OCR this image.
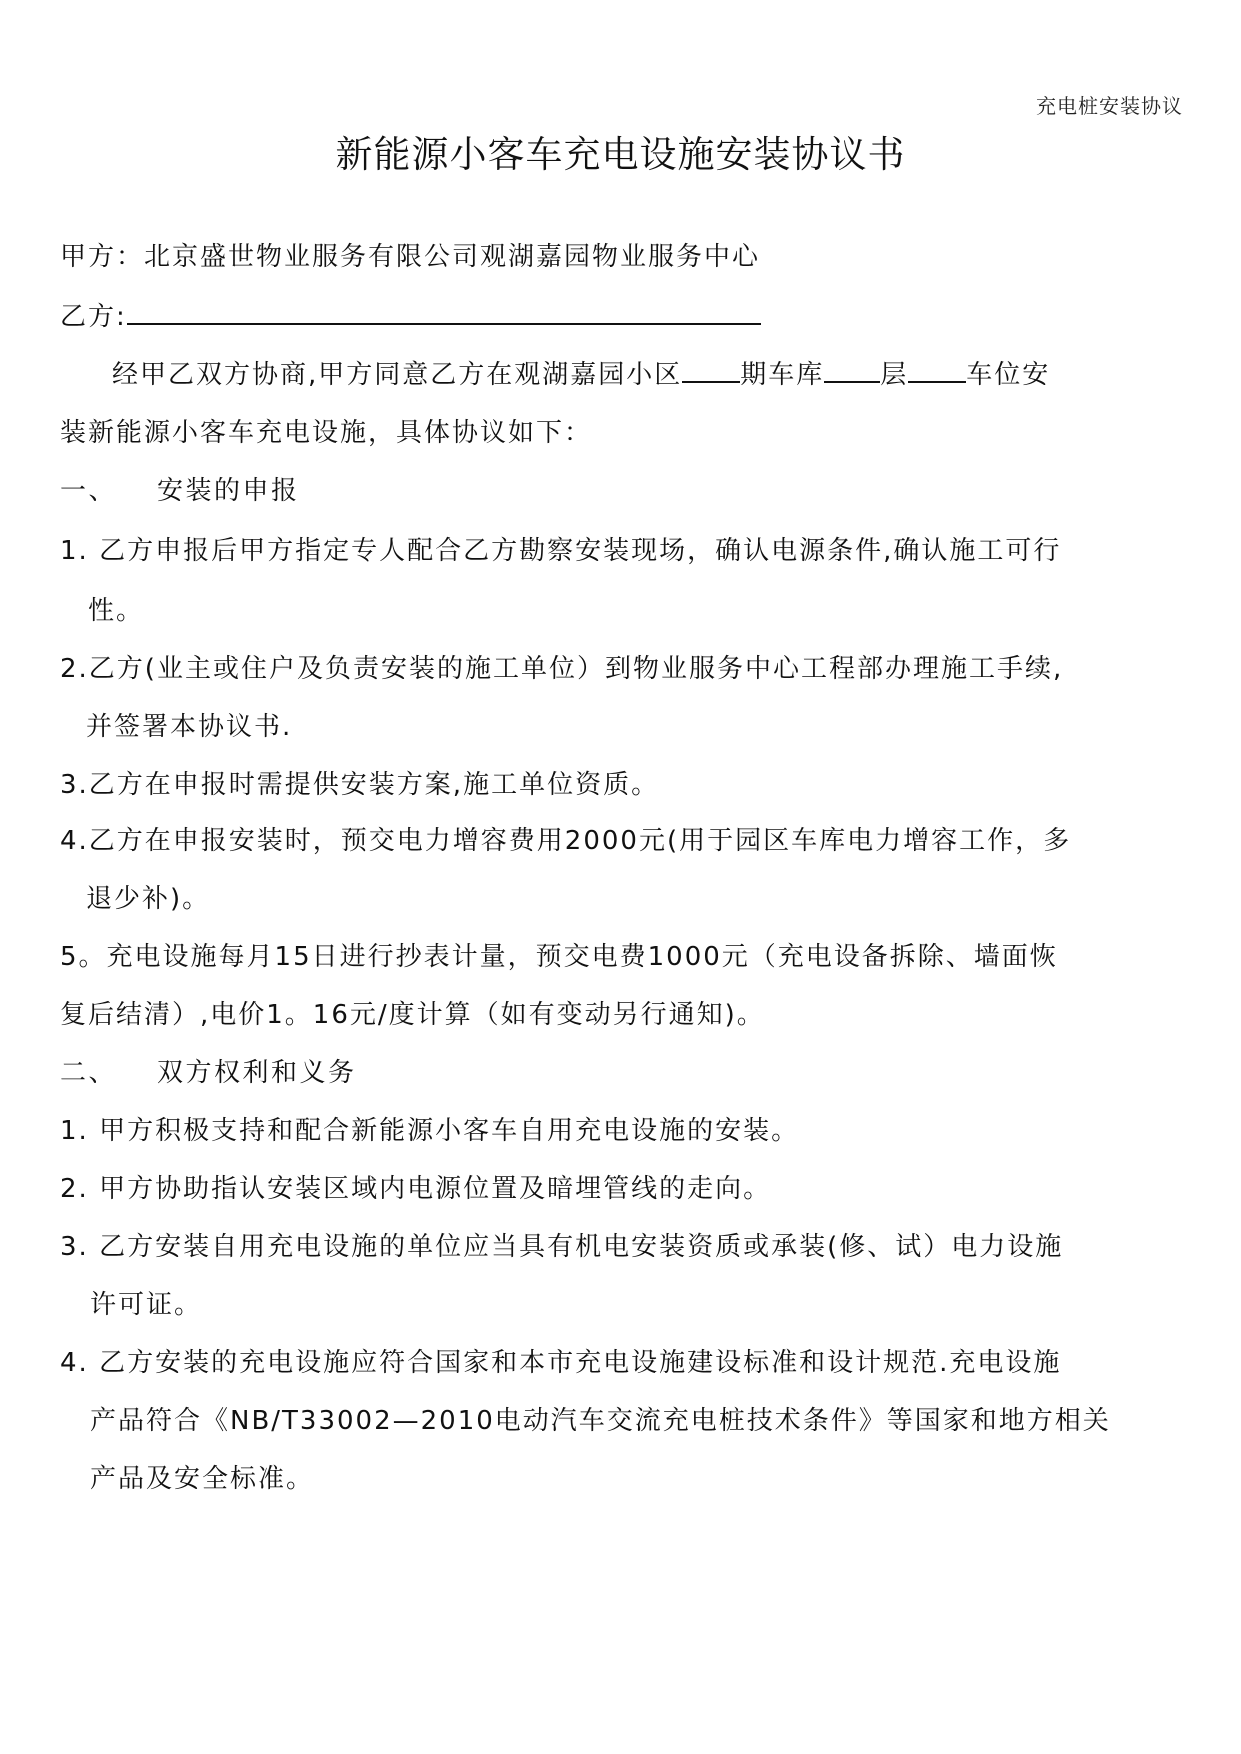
充电桩安装协议
新能源小客车充电设施安装协议书
甲方：北京盛世物业服务有限公司观湖嘉园物业服务中心
乙方:
经甲乙双方协商,甲方同意乙方在观湖嘉园小区 期车库 层 车位安
装新能源小客车充电设施，具体协议如下：
一、 安装的申报
1. 乙方申报后甲方指定专人配合乙方勘察安装现场，确认电源条件,确认施工可行
性。
2.乙方(业主或住户及负责安装的施工单位）到物业服务中心工程部办理施工手续,
并签署本协议书.
3.乙方在申报时需提供安装方案,施工单位资质。
4.乙方在申报安装时，预交电力增容费用2000元(用于园区车库电力增容工作，多
退少补)。
5。充电设施每月15日进行抄表计量，预交电费1000元（充电设备拆除、墙面恢
复后结清）,电价1。16元/度计算（如有变动另行通知)。
二、 双方权利和义务
1. 甲方积极支持和配合新能源小客车自用充电设施的安装。
2. 甲方协助指认安装区域内电源位置及暗埋管线的走向。
3. 乙方安装自用充电设施的单位应当具有机电安装资质或承装(修、试）电力设施
许可证。
4. 乙方安装的充电设施应符合国家和本市充电设施建设标准和设计规范.充电设施
产品符合《NB/T33002—2010电动汽车交流充电桩技术条件》等国家和地方相关
产品及安全标准。
